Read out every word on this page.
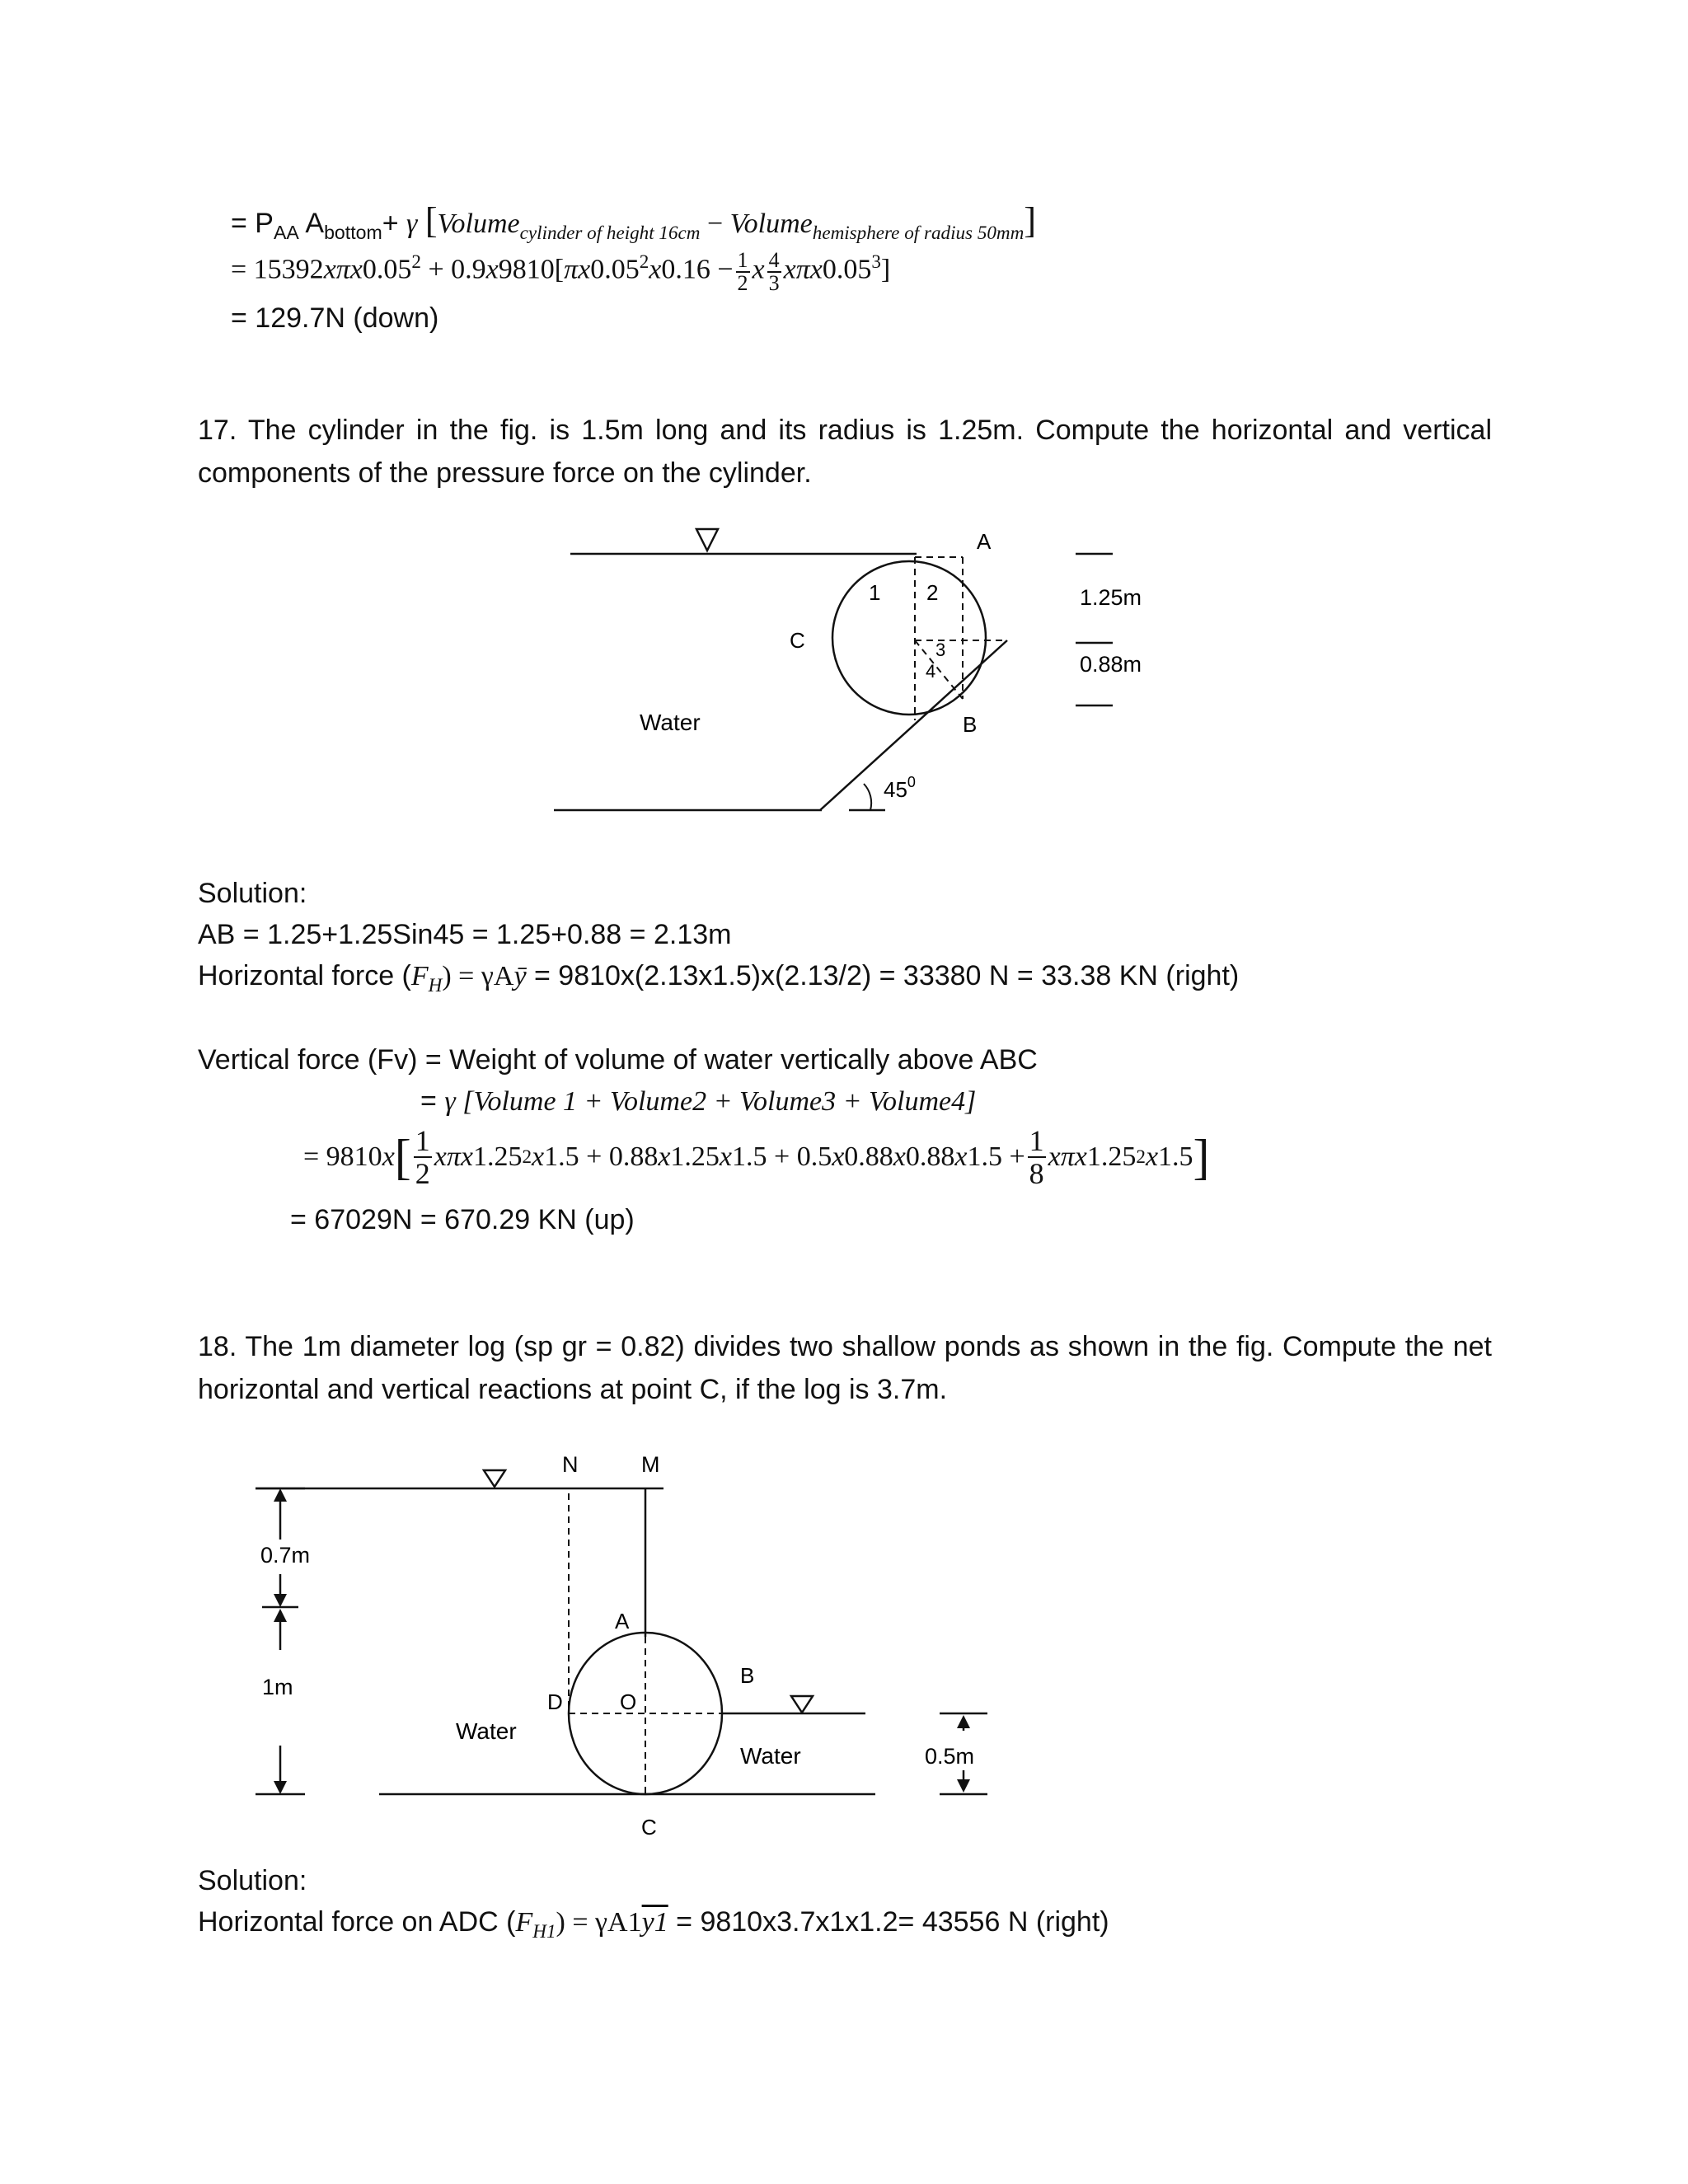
= $P_{AA}$ $A_{bottom}+ \gamma$ [Volume$_{cylinder of height 16cm}$ − Volume$_{hemisphere of radius 50mm}$]
= $15392x\pi x0.05^2 + 0.9x9810[\pi x0.05^2x0.16 - \frac{1}{2}$ x $\frac{4}{3} x\pi x0.05^3$]
= 129.7N (down)
17. The cylinder in the fig. is 1.5m long and its radius is 1.25m. Compute the horizontal and vertical components of the pressure force on the cylinder.
A
1 2
3
4
C
B
1.25m
0.88m
Water
$45^0$
Solution:
AB = 1.25+1.25Sin45 = 1.25+0.88 = 2.13m
Horizontal force $(F_H)$ = γAȳ = 9810x(2.13x1.5)x(2.13/2) = 33380 N = 33.38 KN (right)
Vertical force (Fv) = Weight of volume of water vertically above ABC
= γ [Volume 1 + Volume2 + Volume3 + Volume4]
= 9810 x [ $\frac{1}{2}$ xπx 1.25 2 x 1.5 + 0.88 x 1.25 x 1.5 + 0.5 x 0.88 x 0.88 x $1.5 + \frac{1}{8}$ xπx 1.25 2 x 1.5 ]
= 67029N = 670.29 KN (up)
18. The 1m diameter log (sp gr = 0.82) divides two shallow ponds as shown in the fig. Compute the net horizontal and vertical reactions at point C, if the log is 3.7m.
N	M
A
B
D	O
C
0.7m
1m
0.5m
Water
Water
Solution:
Horizontal force on ADC $(F_{H1}) = \gamma A1y1 = 9810x3.7x1x1.2= 43556$ N (right)
